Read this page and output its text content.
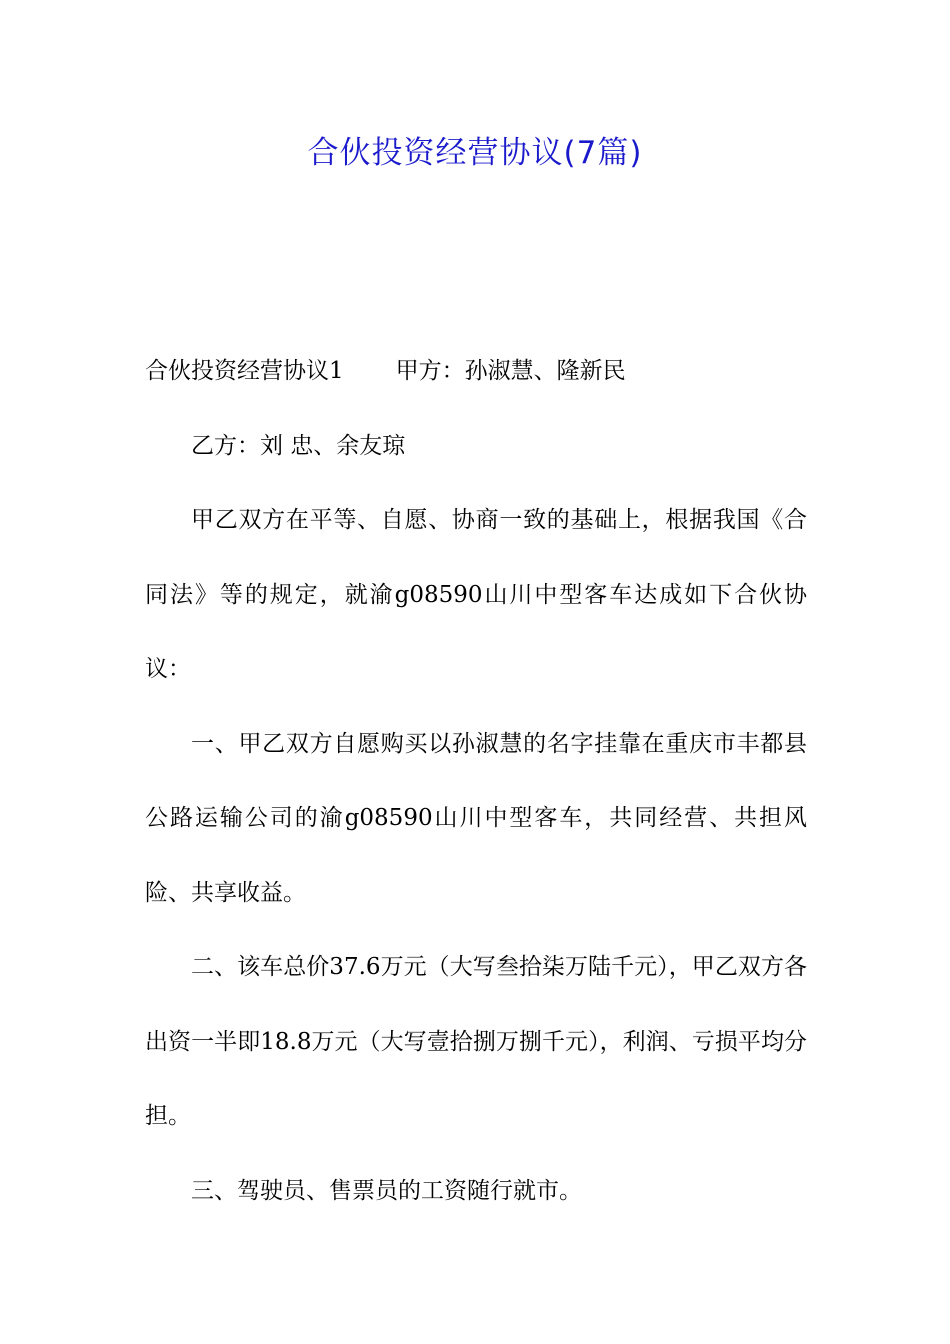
合伙投资经营协议(7篇)

合伙投资经营协议1 甲方：孙淑慧、隆新民

乙方：刘 忠、余友琼

甲乙双方在平等、自愿、协商一致的基础上，根据我国《合同法》等的规定，就渝g08590山川中型客车达成如下合伙协议：

一、甲乙双方自愿购买以孙淑慧的名字挂靠在重庆市丰都县公路运输公司的渝g08590山川中型客车，共同经营、共担风险、共享收益。

二、该车总价37.6万元（大写叁拾柒万陆千元），甲乙双方各出资一半即18.8万元（大写壹拾捌万捌千元），利润、亏损平均分担。

三、驾驶员、售票员的工资随行就市。
